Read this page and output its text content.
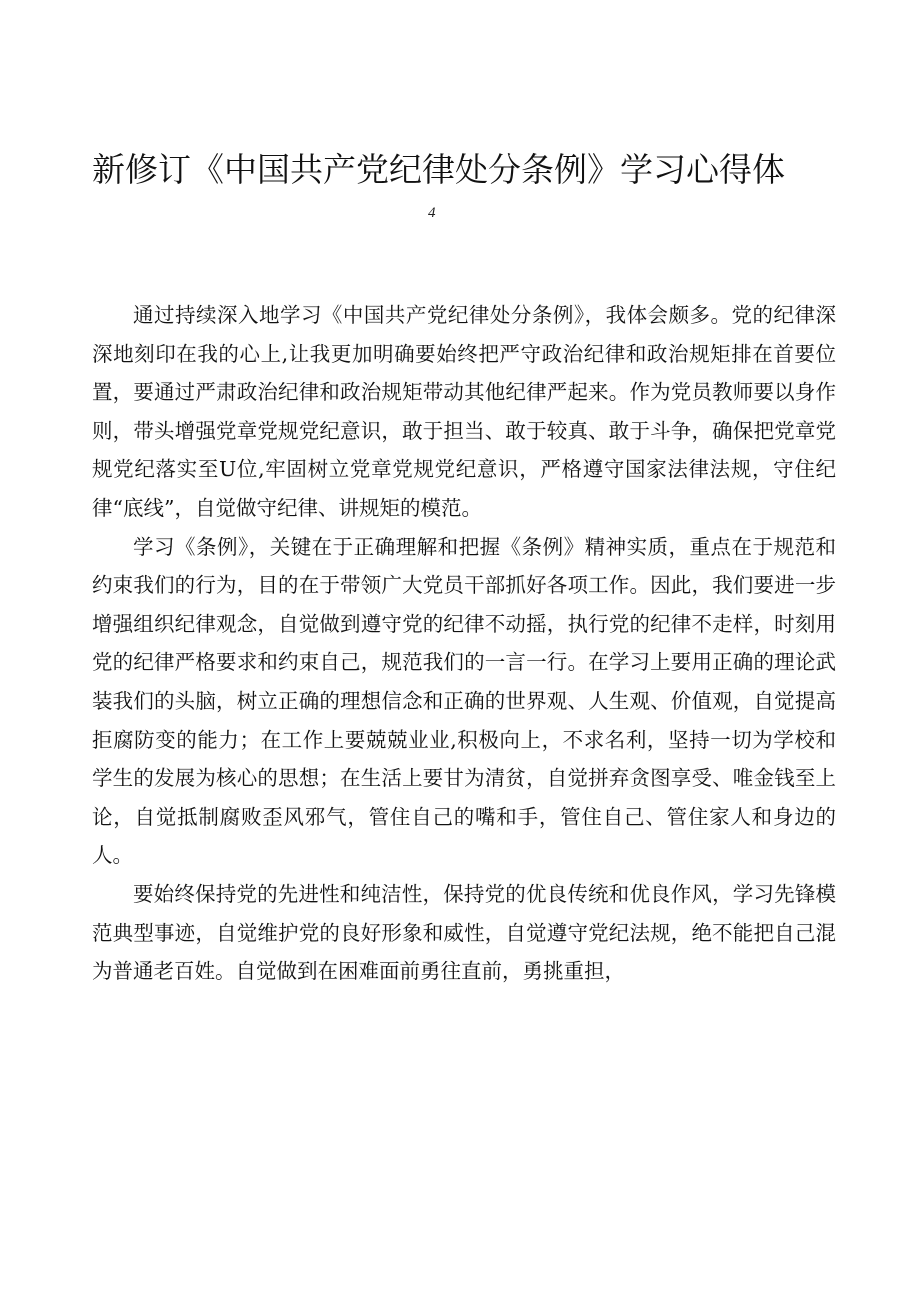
新修订《中国共产党纪律处分条例》学习心得体
4

通过持续深入地学习《中国共产党纪律处分条例》，我体会颇多。党的纪律深深地刻印在我的心上,让我更加明确要始终把严守政治纪律和政治规矩排在首要位置，要通过严肃政治纪律和政治规矩带动其他纪律严起来。作为党员教师要以身作则，带头增强党章党规党纪意识，敢于担当、敢于较真、敢于斗争，确保把党章党规党纪落实至U位,牢固树立党章党规党纪意识，严格遵守国家法律法规，守住纪律“底线”，自觉做守纪律、讲规矩的模范。

学习《条例》，关键在于正确理解和把握《条例》精神实质，重点在于规范和约束我们的行为，目的在于带领广大党员干部抓好各项工作。因此，我们要进一步增强组织纪律观念，自觉做到遵守党的纪律不动摇，执行党的纪律不走样，时刻用党的纪律严格要求和约束自己，规范我们的一言一行。在学习上要用正确的理论武装我们的头脑，树立正确的理想信念和正确的世界观、人生观、价值观，自觉提高拒腐防变的能力；在工作上要兢兢业业,积极向上，不求名利，坚持一切为学校和学生的发展为核心的思想；在生活上要甘为清贫，自觉拼弃贪图享受、唯金钱至上论，自觉抵制腐败歪风邪气，管住自己的嘴和手，管住自己、管住家人和身边的人。

要始终保持党的先进性和纯洁性，保持党的优良传统和优良作风，学习先锋模范典型事迹，自觉维护党的良好形象和威性，自觉遵守党纪法规，绝不能把自己混为普通老百姓。自觉做到在困难面前勇往直前，勇挑重担，
